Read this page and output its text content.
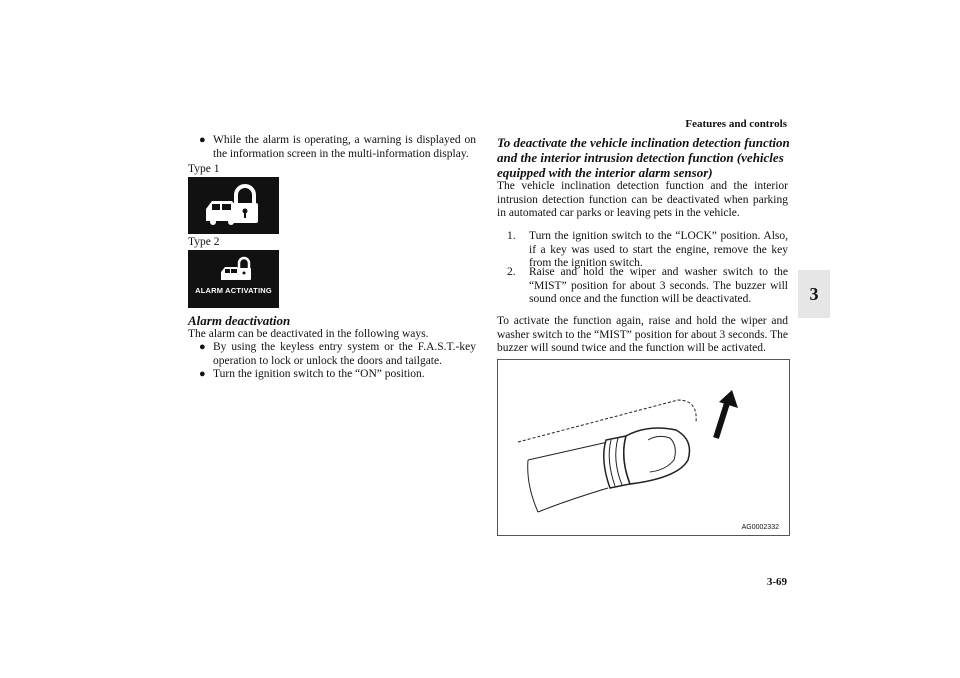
Features and controls
3
3-69
● While the alarm is operating, a warning is displayed on the information screen in the multi-information display.
Type 1
Type 2
ALARM ACTIVATING
Alarm deactivation
The alarm can be deactivated in the following ways.
● By using the keyless entry system or the F.A.S.T.-key operation to lock or unlock the doors and tailgate.
● Turn the ignition switch to the “ON” position.
To deactivate the vehicle inclination detection function and the interior intrusion detection function (vehicles equipped with the interior alarm sensor)
The vehicle inclination detection function and the interior intrusion detection function can be deactivated when parking in automated car parks or leaving pets in the vehicle.
1. Turn the ignition switch to the “LOCK” position. Also, if a key was used to start the engine, remove the key from the ignition switch.
2. Raise and hold the wiper and washer switch to the “MIST” position for about 3 seconds. The buzzer will sound once and the function will be deactivated.
To activate the function again, raise and hold the wiper and washer switch to the “MIST” position for about 3 seconds. The buzzer will sound twice and the function will be activated.
AG0002332
